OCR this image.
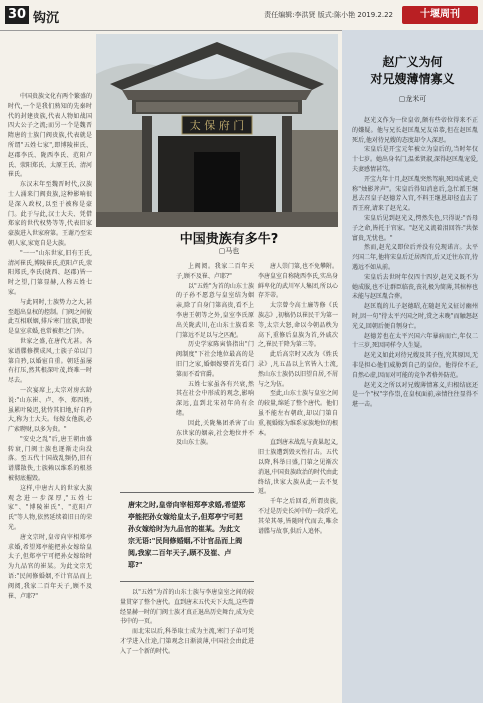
30 钩沉	责任编辑:李洪贤 版式:陈小艳 2019.2.22	十堰周刊
太 保 府 门
中国贵族有多牛?
▢马也

中国贵族文化有两个繁盛的时代,一个是我们熟知的先秦时代的封建贵族,代表人物如战国四大公子之流;而另一个是魏晋隋唐的士族门阀贵族,代表就是所谓"五姓七家",即博陵崔氏、赵郡李氏、陇西李氏、范阳卢氏、荥阳郑氏、太原王氏、清河崔氏。

东汉末年至魏晋时代,汉族士人涌来门阀贵族,这种影响很是深入政权,以至于被称是豪门。此于与此,汉士大夫、凭借郑家的世代权势等等,代表旧家豪族进入世家府第。王谢乃至宋朝人家,家宽自是大族。

"一一"山东世家,旧有王氏,清河崔氏,博陵崔氏,范阳卢氏,荥阳郑氏,李氏(陇西、赵郡)皆一时之望,门第显赫,人称五姓七家。

与此同时,士族势力之大,甚至超出皇权的控制。门阀之间彼此互相联姻,排斥寒门庶族,即使是皇室求婚,也常被拒之门外。

世家之盛,在唐代尤甚。各家谱牒修撰成风,士族子弟以门第自矜,以婚宦自重。朝廷虽屡有打压,然其根深叶茂,终难一时尽去。

一次宴席上,太宗对房玄龄说:"山东崔、卢、李、郑四姓,虽累叶陵迟,犹恃其旧地,好自矜大,称为士大夫。每嫁女他族,必广索聘财,以多为贵。"

"安史之乱"后,唐王朝由盛转衰,门阀士族也逐渐走向没落。至五代十国战乱频仍,旧有谱牒散佚,士族赖以维系的根基被彻底摧毁。

这样,中唐古人的世家大族观念进一步深厚,"五姓七家"、"博陵崔氏"、"范阳卢氏"等人物,依然延续着旧日的荣光。

唐文宗时,皇帝向宰相郑亭求婚,希望郑亭能把孙女嫁给皇太子,但郑亭宁可把孙女嫁给时为九品官的崔某。为此文宗无语:"民间修婚姻,不计官品而上阀阅,我家二百年天子,顾不及崔、卢耶?"

上阀阅。我家二百年天子,顾不及崔、卢耶?"

以"五姓"为首的山东士族的子孙不愿意与皇室结为姻亲,除了自身门第高贵,看不上李唐王朝等之外,皇室李氏原出关陇武川,在山东士族看来门第远不足以与之匹配。

历史学家陈寅恪指出"门阀制度"下社会地位最高的是旧门之家,婚姻嫁娶首先看门第而不看官爵。

五姓七家虽各有兴衰,然其在社会中形成的观念,影响深远,直到北宋初年尚有余绪。

因此,关陇集团杀害了山东世家的姻亲,社会地位并不及山东士族。

唐人崇门第,也不免攀附。李唐皇室自称陇西李氏,实出身鲜卑化的武川军人集团,所以心存芥蒂。

太宗曾令高士廉等修《氏族志》,初稿仍以崔民干为第一等,太宗大怒,命以今朝品秩为高下,重修后皇族为首,外戚次之,崔民干降为第三等。

此后高宗时又改为《姓氏录》,凡五品以上官皆入士流,然山东士族仍以旧望自居,不屑与之为伍。

至此,山东士族与皇室之间的较量,绵延了整个唐代。他们虽不能左右朝政,却以门第自重,视婚嫁为维系家族地位的根本。

直到唐末战乱与黄巢起义,旧士族遭到毁灭性打击。五代以降,科举日盛,门第之见渐次消退,中国贵族政治的时代由此终结,世家大族从此一去不复返。

千年之后回看,所谓贵族,不过是历史长河中的一段浮光,其荣其辱,皆随时代而去,唯余谱牒与故事,供后人追怀。

唐宋之时,皇帝向宰相郑亭求婚,希望郑亭能把孙女嫁给皇太子,但郑亭宁可把孙女嫁给时为九品官的崔某。为此文宗无语:"民间修婚姻,不计官品而上阀阅,我家二百年天子,顾不及崔、卢耶?"

以"五姓"为首的山东士族与李唐皇室之间的较量贯穿了整个唐代。直到唐末五代天下大乱,这些曾经显赫一时的门阀士族才真正退出历史舞台,成为史书中的一页。

而北宋以后,科举取士成为主流,寒门子弟可凭才学进入仕途,门第观念日渐淡薄,中国社会由此进入了一个新的时代。

赵广义为何
对兄嫂薄情寡义
▢龙米可

赵光义作为一位皇帝,颇有些帝位得来不正的嫌疑。他与兄长赵匡胤兄友弟恭,但在赵匡胤死后,他对待兄嫂的态度却令人深思。

宋皇后是开宝元年被立为皇后的,当时年仅十七岁。她出身名门,温柔贤淑,深得赵匡胤宠爱,夫妻感情甚笃。

开宝九年十月,赵匡胤突然驾崩,死因成谜,史称"烛影斧声"。宋皇后得知消息后,急忙派王继恩去召皇子赵德芳入宫,不料王继恩却径直去了晋王府,请来了赵光义。

宋皇后见到赵光义,愕然失色,只得说:"吾母子之命,皆托于官家。"赵光义流着泪回答:"共保富贵,无忧也。"

然而,赵光义即位后并没有兑现诺言。太平兴国二年,他将宋皇后迁居西宫,后又迁往东宫,待遇远不如从前。

宋皇后去世时年仅四十四岁,赵光义既不为她成服,也不让群臣临丧,丧礼极为简薄,其棺椁也未能与赵匡胤合葬。

赵匡胤的儿子赵德昭,在随赵光义征讨幽州时,因一句"待太平兴国之时,赏之未晚"而触怒赵光义,回朝后便自刎身亡。

赵德芳也在太平兴国六年暴病而亡,年仅二十三岁,死因同样令人生疑。

赵光义如此对待兄嫂及其子侄,究其原因,无非是担心他们威胁到自己的皇位。他得位不正,自然心虚,因而对可能的竞争者格外防范。

赵光义之所以对兄嫂薄情寡义,归根结底还是一个"权"字作祟,在皇权面前,亲情往往显得不堪一击。
